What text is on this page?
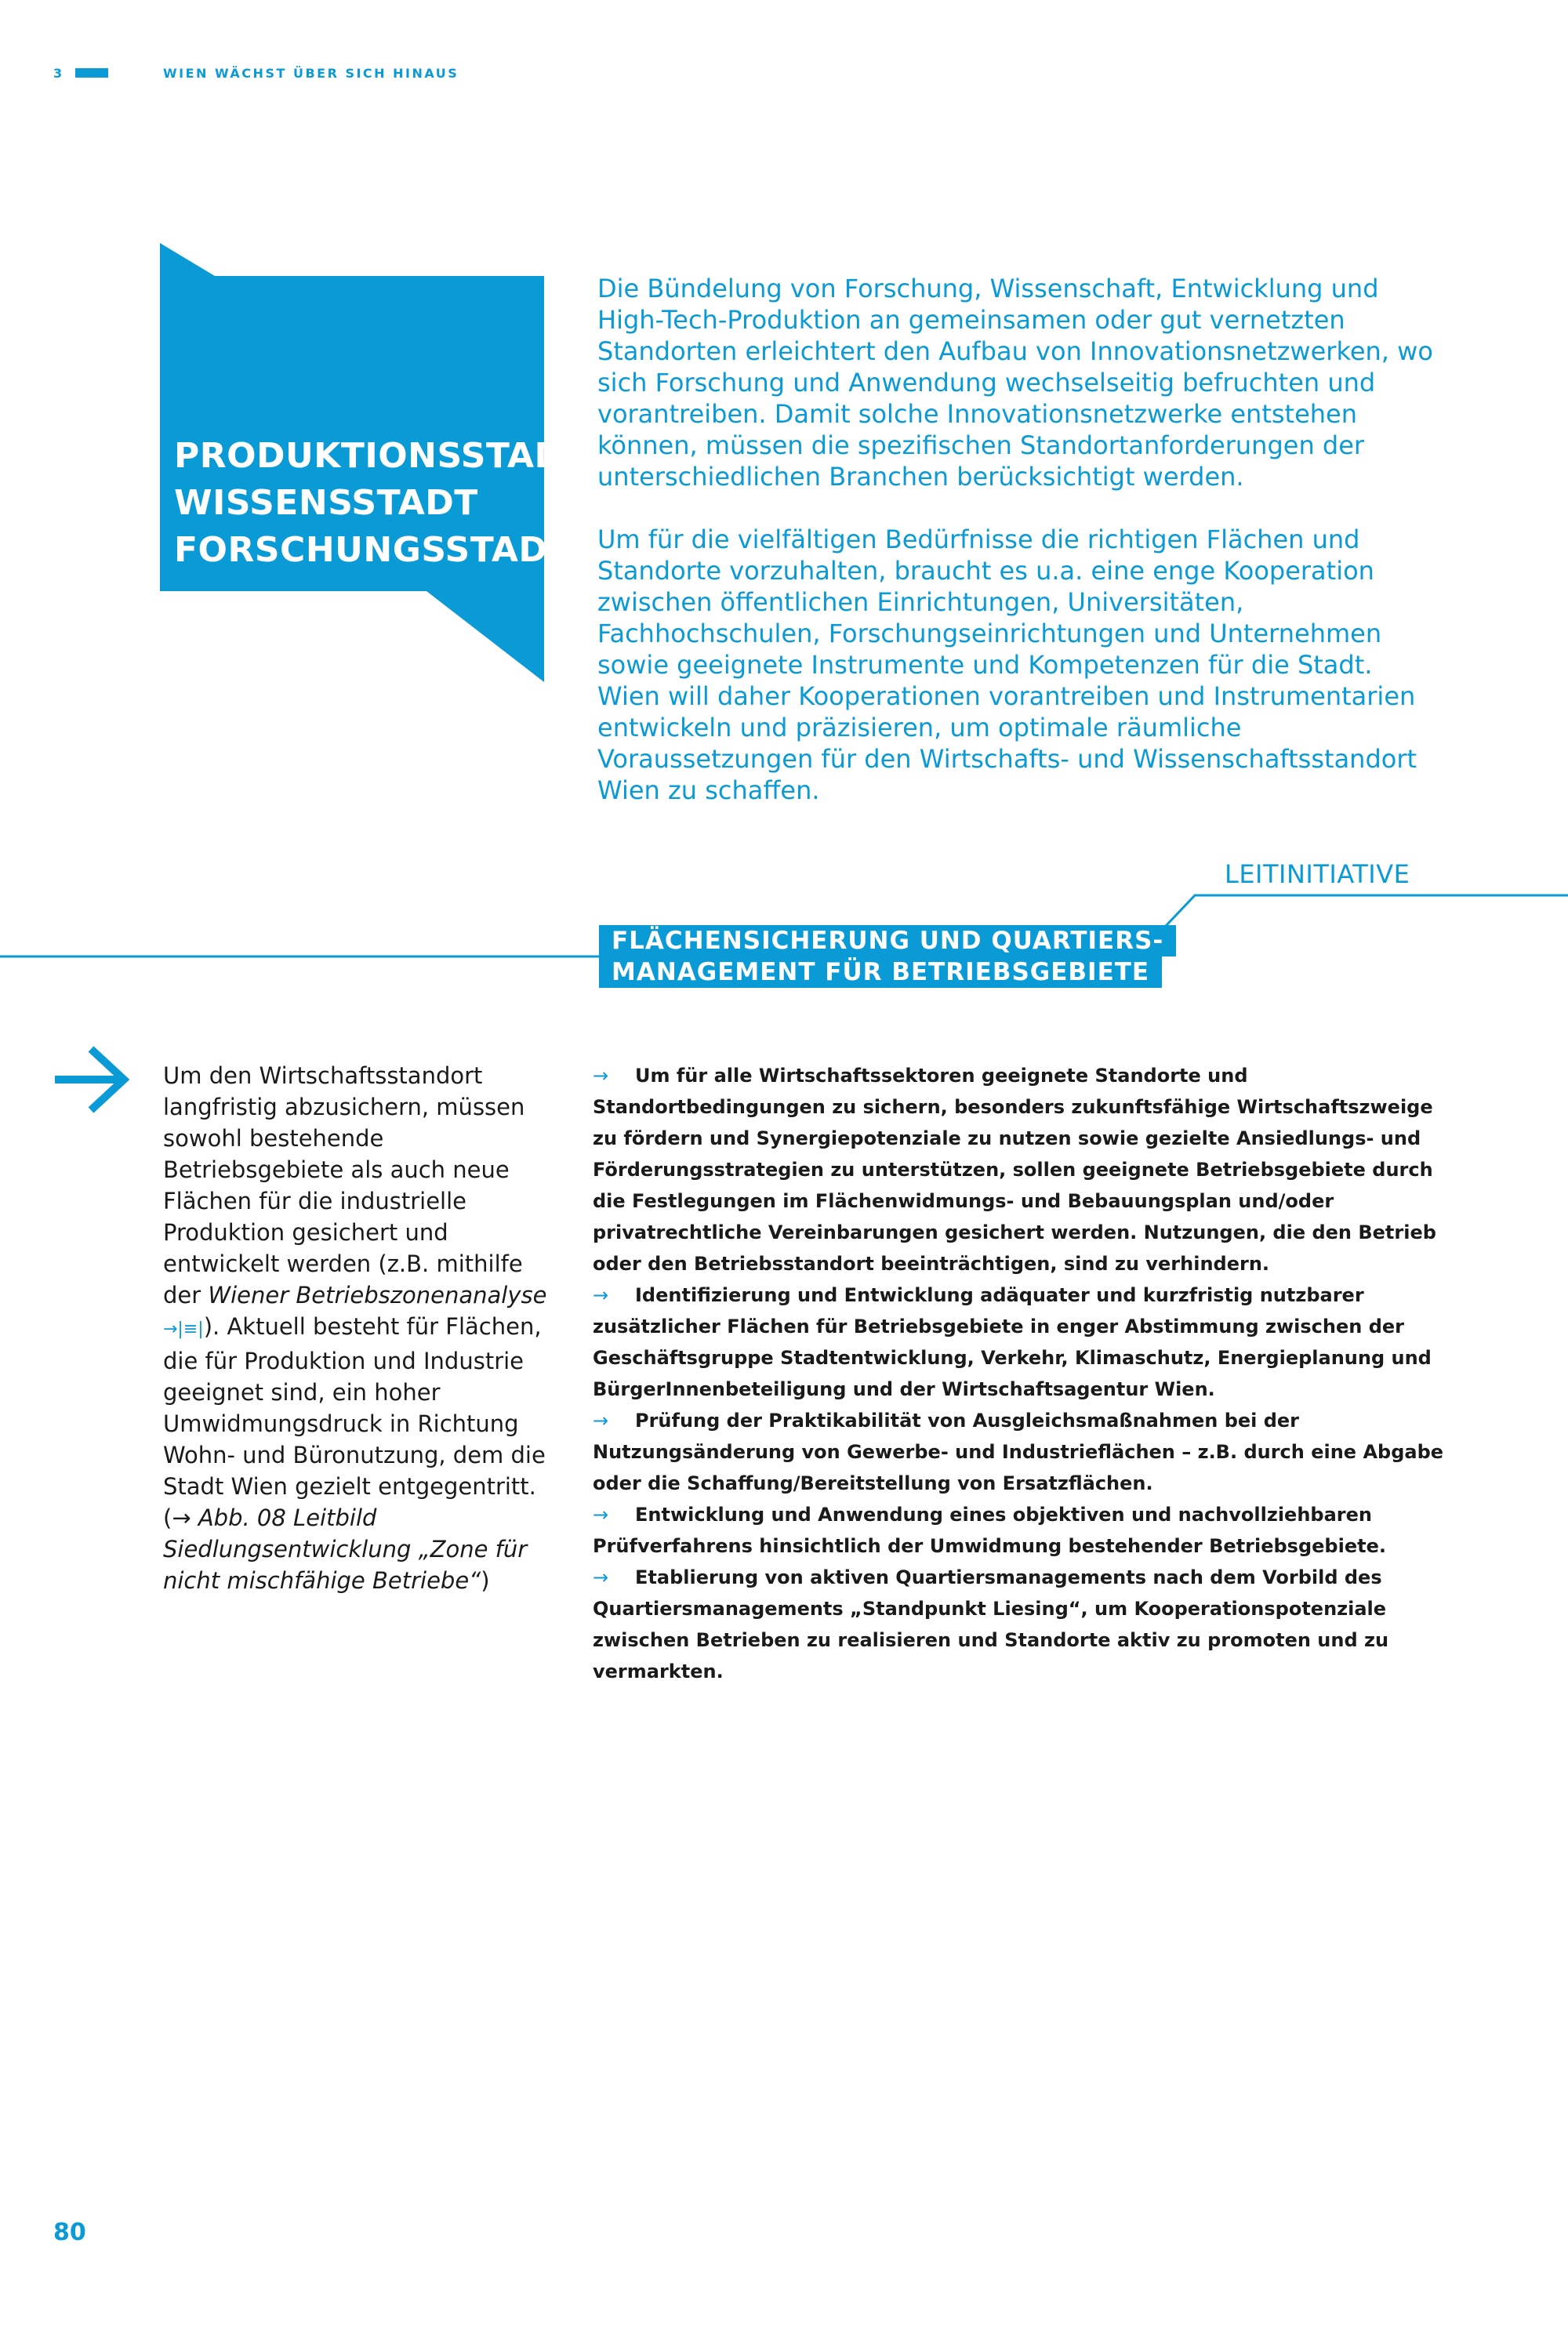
3	WIEN WÄCHST ÜBER SICH HINAUS
PRODUKTIONSSTADT
WISSENSSTADT
FORSCHUNGSSTADT

Die Bündelung von Forschung, Wissenschaft, Entwicklung und High-Tech-Produktion an gemeinsamen oder gut vernetzten Standorten erleichtert den Aufbau von Innovationsnetzwerken, wo sich Forschung und Anwendung wechselseitig befruchten und vorantreiben. Damit solche Innovationsnetzwerke entstehen können, müssen die spezifischen Standortanforderungen der unterschiedlichen Branchen berücksichtigt werden.

Um für die vielfältigen Bedürfnisse die richtigen Flächen und Standorte vorzuhalten, braucht es u.a. eine enge Kooperation zwischen öffentlichen Einrichtungen, Universitäten, Fachhochschulen, Forschungseinrichtungen und Unternehmen sowie geeignete Instrumente und Kompetenzen für die Stadt. Wien will daher Kooperationen vorantreiben und Instrumentarien entwickeln und präzisieren, um optimale räumliche Voraussetzungen für den Wirtschafts- und Wissenschaftsstandort Wien zu schaffen.

LEITINITIATIVE
FLÄCHENSICHERUNG UND QUARTIERS-
MANAGEMENT FÜR BETRIEBSGEBIETE
Um den Wirtschaftsstandort langfristig abzusichern, müssen sowohl bestehende Betriebsgebiete als auch neue Flächen für die industrielle Produktion gesichert und entwickelt werden (z.B. mithilfe der Wiener Betriebszonenanalyse →|≡|). Aktuell besteht für Flächen, die für Produktion und Industrie geeignet sind, ein hoher Umwidmungsdruck in Richtung Wohn- und Büronutzung, dem die Stadt Wien gezielt entgegentritt. (→ Abb. 08 Leitbild Siedlungsentwicklung „Zone für nicht mischfähige Betriebe“)
→ Um für alle Wirtschaftssektoren geeignete Standorte und Standortbedingungen zu sichern, besonders zukunftsfähige Wirtschaftszweige zu fördern und Synergiepotenziale zu nutzen sowie gezielte Ansiedlungs- und Förderungsstrategien zu unterstützen, sollen geeignete Betriebsgebiete durch die Festlegungen im Flächenwidmungs- und Bebauungsplan und/oder privatrechtliche Vereinbarungen gesichert werden. Nutzungen, die den Betrieb oder den Betriebsstandort beeinträchtigen, sind zu verhindern.
→ Identifizierung und Entwicklung adäquater und kurzfristig nutzbarer zusätzlicher Flächen für Betriebsgebiete in enger Abstimmung zwischen der Geschäftsgruppe Stadtentwicklung, Verkehr, Klimaschutz, Energieplanung und BürgerInnenbeteiligung und der Wirtschaftsagentur Wien.
→ Prüfung der Praktikabilität von Ausgleichsmaßnahmen bei der Nutzungsänderung von Gewerbe- und Industrieflächen – z.B. durch eine Abgabe oder die Schaffung/Bereitstellung von Ersatzflächen.
→ Entwicklung und Anwendung eines objektiven und nachvollziehbaren Prüfverfahrens hinsichtlich der Umwidmung bestehender Betriebsgebiete.
→ Etablierung von aktiven Quartiersmanagements nach dem Vorbild des Quartiersmanagements „Standpunkt Liesing“, um Kooperationspotenziale zwischen Betrieben zu realisieren und Standorte aktiv zu promoten und zu vermarkten.
80
